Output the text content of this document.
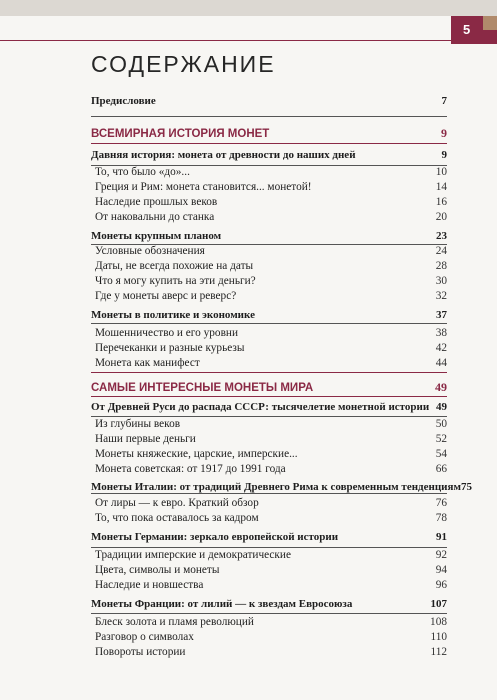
5
СОДЕРЖАНИЕ
Предисловие	7
ВСЕМИРНАЯ ИСТОРИЯ МОНЕТ	9
Давняя история: монета от древности до наших дней	9
То, что было «до»...	10
Греция и Рим: монета становится... монетой!	14
Наследие прошлых веков	16
От наковальни до станка	20
Монеты крупным планом	23
Условные обозначения	24
Даты, не всегда похожие на даты	28
Что я могу купить на эти деньги?	30
Где у монеты аверс и реверс?	32
Монеты в политике и экономике	37
Мошенничество и его уровни	38
Перечеканки и разные курьезы	42
Монета как манифест	44
САМЫЕ ИНТЕРЕСНЫЕ МОНЕТЫ МИРА	49
От Древней Руси до распада СССР: тысячелетие монетной истории 49
Из глубины веков	50
Наши первые деньги	52
Монеты княжеские, царские, имперские...	54
Монета советская: от 1917 до 1991 года	66
Монеты Италии: от традиций Древнего Рима к современным тенденциям 75
От лиры — к евро. Краткий обзор	76
То, что пока оставалось за кадром	78
Монеты Германии: зеркало европейской истории	91
Традиции имперские и демократические	92
Цвета, символы и монеты	94
Наследие и новшества	96
Монеты Франции: от лилий — к звездам Евросоюза	107
Блеск золота и пламя революций	108
Разговор о символах	110
Повороты истории	112
